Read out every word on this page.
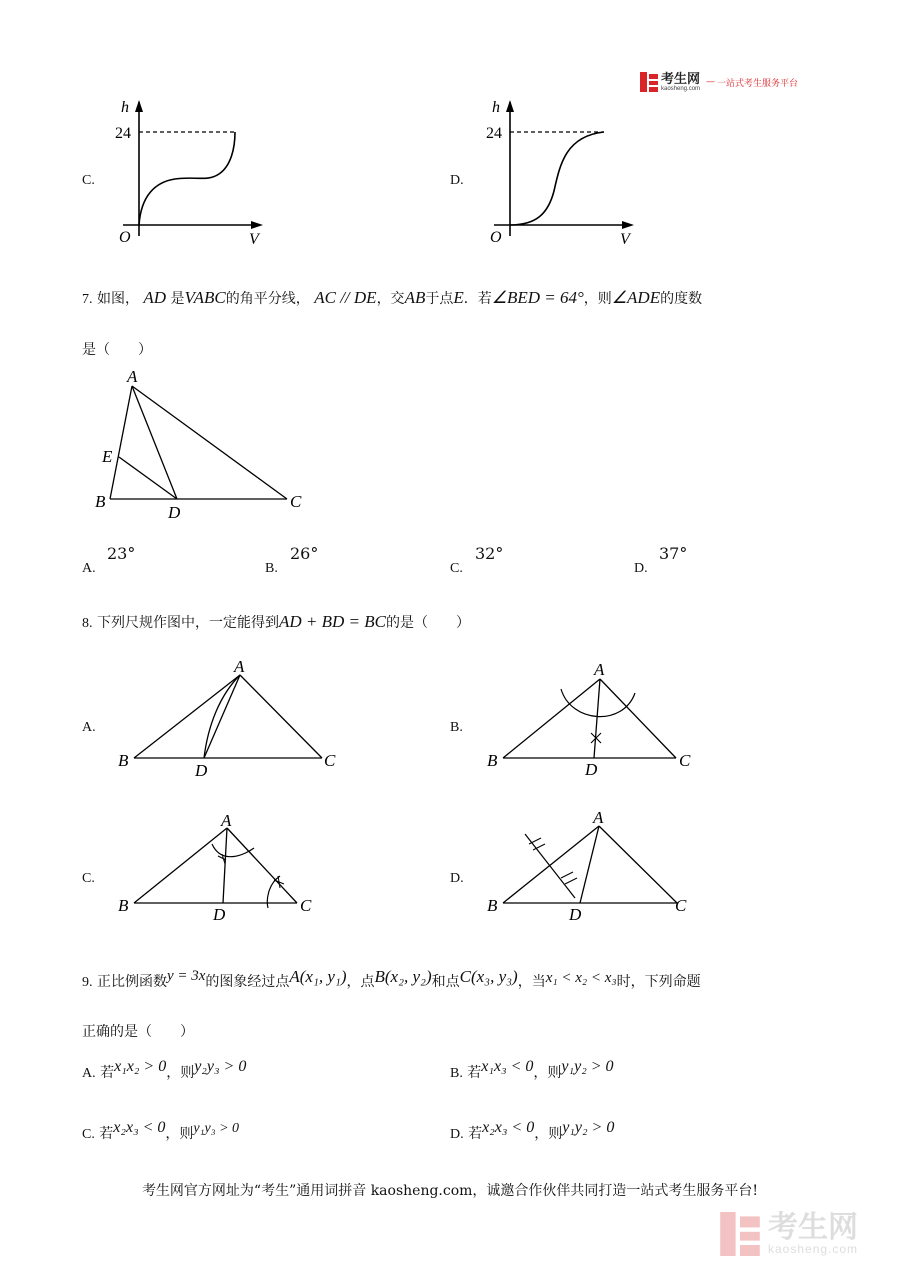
考生网
kaosheng.com
— 一站式考生服务平台
C.
h
24
O	V
D.
h
24
O	V
7. 如图， AD 是VABC的角平分线， AC // DE，交AB于点E．若∠BED = 64°，则∠ADE的度数
是（　　）
A
E
B
D
C
A.
23°
B.
26°
C.
32°
D.
37°
8. 下列尺规作图中，一定能得到AD + BD = BC的是（　　）
A.
A
B
D
C
B.
A
B	D	C
C.
A
B	D	C
D.
A
B	D	C
9. 正比例函数y = 3x的图象经过点A(x₁, y₁)，点B(x₂, y₂)和点C(x₃, y₃)，当x₁ < x₂ < x₃时，下列命题
正确的是（　　）
A. 若x₁x₂ > 0，则y₂y₃ > 0	B. 若x₁x₃ < 0，则y₁y₂ > 0
C. 若x₂x₃ < 0，则y₁y₃ > 0	D. 若x₂x₃ < 0，则y₁y₂ > 0
考生网官方网址为“考生”通用词拼音 kaosheng.com，诚邀合作伙伴共同打造一站式考生服务平台!
考生网
kaosheng.com
